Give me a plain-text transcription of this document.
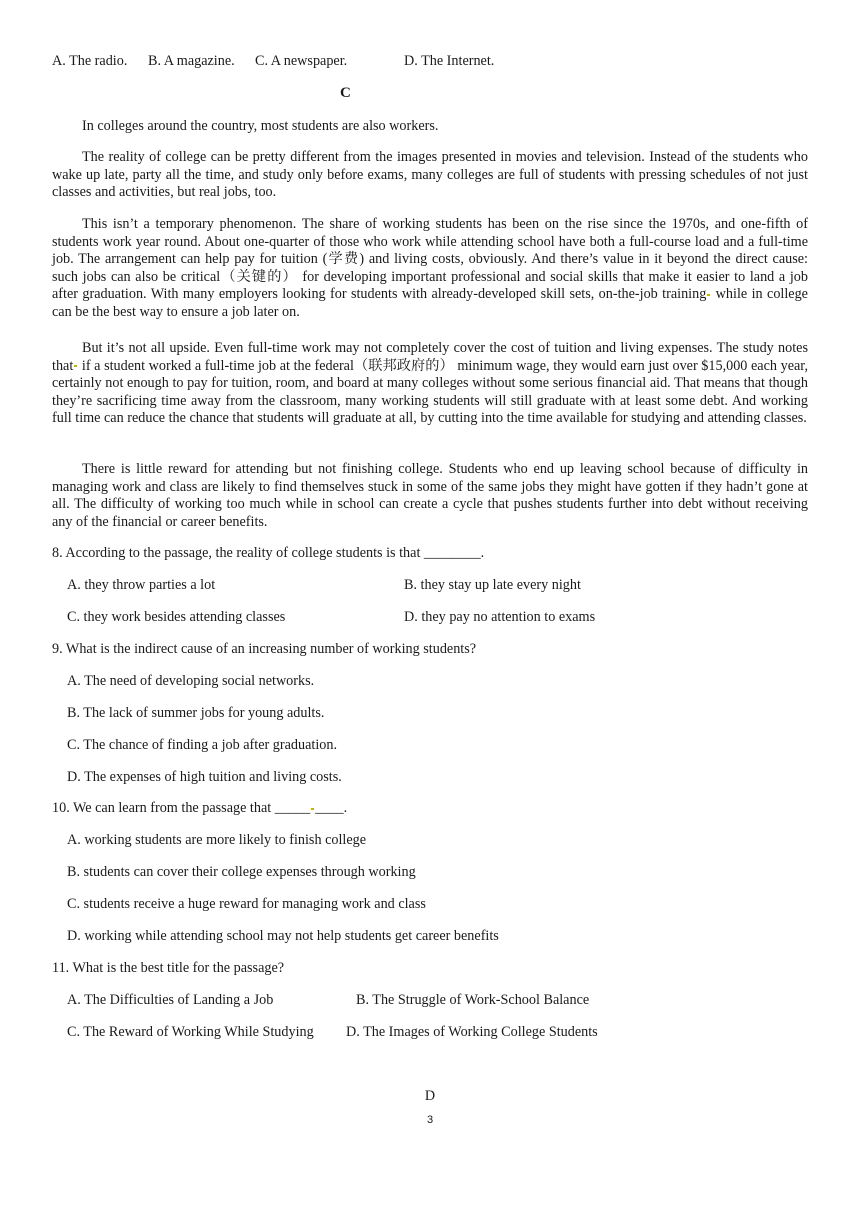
A. The radio. B. A magazine. C. A newspaper.	D. The Internet.
C

In colleges around the country, most students are also workers.

The reality of college can be pretty different from the images presented in movies and television. Instead of the students who wake up late, party all the time, and study only before exams, many colleges are full of students with pressing schedules of not just classes and activities, but real jobs, too.

This isn’t a temporary phenomenon. The share of working students has been on the rise since the 1970s, and one-fifth of students work year round. About one-quarter of those who work while attending school have both a full-course load and a full-time job. The arrangement can help pay for tuition (学费) and living costs, obviously. And there’s value in it beyond the direct cause: such jobs can also be critical（关键的） for developing important professional and social skills that make it easier to land a job after graduation. With many employers looking for students with already-developed skill sets, on-the-job training while in college can be the best way to ensure a job later on.

But it’s not all upside. Even full-time work may not completely cover the cost of tuition and living expenses. The study notes that if a student worked a full-time job at the federal（联邦政府的） minimum wage, they would earn just over $15,000 each year, certainly not enough to pay for tuition, room, and board at many colleges without some serious financial aid. That means that though they’re sacrificing time away from the classroom, many working students will still graduate with at least some debt. And working full time can reduce the chance that students will graduate at all, by cutting into the time available for studying and attending classes.

There is little reward for attending but not finishing college. Students who end up leaving school because of difficulty in managing work and class are likely to find themselves stuck in some of the same jobs they might have gotten if they hadn’t gone at all. The difficulty of working too much while in school can create a cycle that pushes students further into debt without receiving any of the financial or career benefits.

8. According to the passage, the reality of college students is that ________.
A. they throw parties a lot	B. they stay up late every night
C. they work besides attending classes	D. they pay no attention to exams
9. What is the indirect cause of an increasing number of working students?
A. The need of developing social networks.
B. The lack of summer jobs for young adults.
C. The chance of finding a job after graduation.
D. The expenses of high tuition and living costs.
10. We can learn from the passage that _____ ____.
A. working students are more likely to finish college
B. students can cover their college expenses through working
C. students receive a huge reward for managing work and class
D. working while attending school may not help students get career benefits
11. What is the best title for the passage?
A. The Difficulties of Landing a Job	B. The Struggle of Work-School Balance
C. The Reward of Working While Studying D. The Images of Working College Students
D
3
